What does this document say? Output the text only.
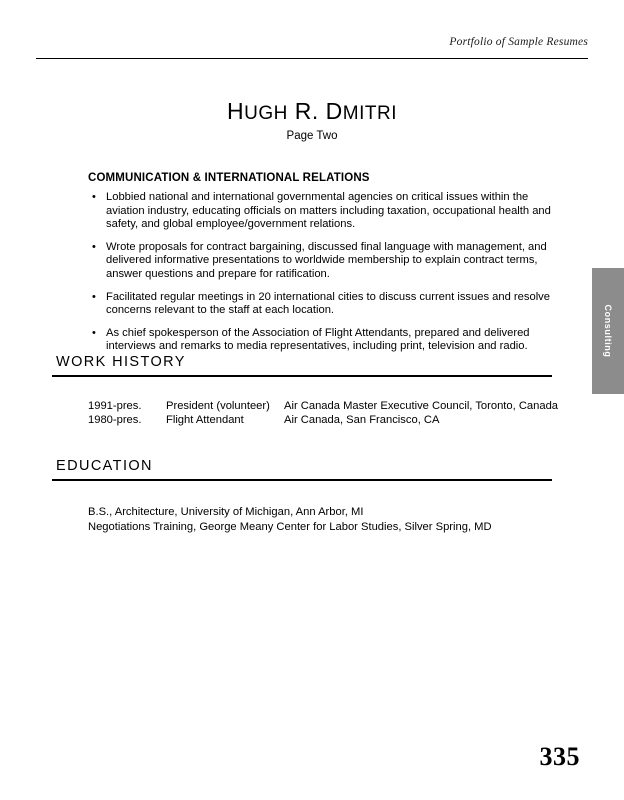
Portfolio of Sample Resumes
HUGH R. DMITRI
Page Two
COMMUNICATION & INTERNATIONAL RELATIONS
• Lobbied national and international governmental agencies on critical issues within the aviation industry, educating officials on matters including taxation, occupational health and safety, and global employee/government relations.
• Wrote proposals for contract bargaining, discussed final language with management, and delivered informative presentations to worldwide membership to explain contract terms, answer questions and prepare for ratification.
• Facilitated regular meetings in 20 international cities to discuss current issues and resolve concerns relevant to the staff at each location.
• As chief spokesperson of the Association of Flight Attendants, prepared and delivered interviews and remarks to media representatives, including print, television and radio.
WORK HISTORY
1991-pres.	President (volunteer)	Air Canada Master Executive Council, Toronto, Canada
1980-pres.	Flight Attendant	Air Canada, San Francisco, CA
EDUCATION
B.S., Architecture, University of Michigan, Ann Arbor, MI
Negotiations Training, George Meany Center for Labor Studies, Silver Spring, MD
Consulting
335
